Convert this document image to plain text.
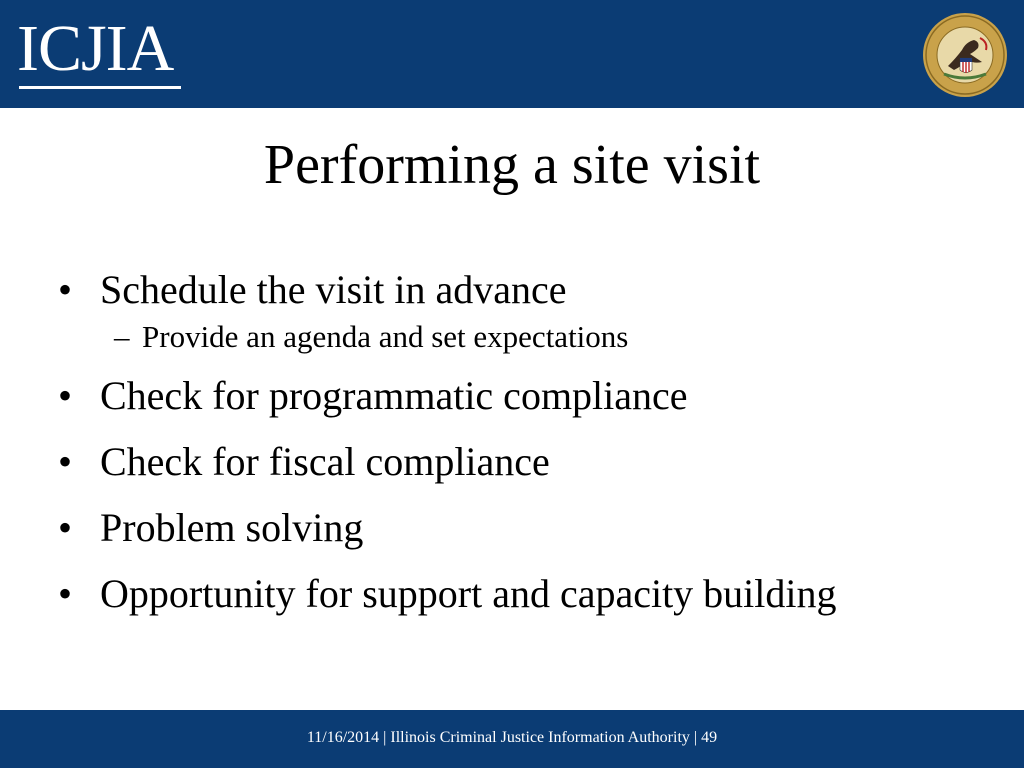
ICJIA
Performing a site visit
• Schedule the visit in advance
– Provide an agenda and set expectations
• Check for programmatic compliance
• Check for fiscal compliance
• Problem solving
• Opportunity for support and capacity building
11/16/2014 | Illinois Criminal Justice Information Authority | 49
